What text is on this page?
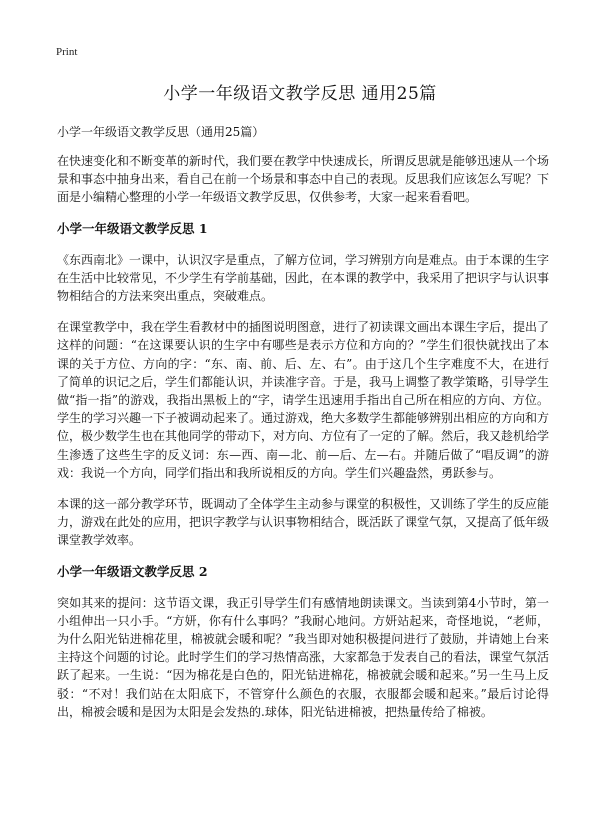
Print
小学一年级语文教学反思 通用25篇

小学一年级语文教学反思（通用25篇）

在快速变化和不断变革的新时代，我们要在教学中快速成长，所谓反思就是能够迅速从一个场景和事态中抽身出来，看自己在前一个场景和事态中自己的表现。反思我们应该怎么写呢？下面是小编精心整理的小学一年级语文教学反思，仅供参考，大家一起来看看吧。

小学一年级语文教学反思 1

《东西南北》一课中，认识汉字是重点，了解方位词，学习辨别方向是难点。由于本课的生字在生活中比较常见，不少学生有学前基础，因此，在本课的教学中，我采用了把识字与认识事物相结合的方法来突出重点，突破难点。

在课堂教学中，我在学生看教材中的插图说明图意，进行了初读课文画出本课生字后，提出了这样的问题：“在这课要认识的生字中有哪些是表示方位和方向的？”学生们很快就找出了本课的关于方位、方向的字：“东、南、前、后、左、右”。由于这几个生字难度不大，在进行了简单的识记之后，学生们都能认识，并读准字音。于是，我马上调整了教学策略，引导学生做“指一指”的游戏，我指出黑板上的“字，请学生迅速用手指出自己所在相应的方向、方位。学生的学习兴趣一下子被调动起来了。通过游戏，绝大多数学生都能够辨别出相应的方向和方位，极少数学生也在其他同学的带动下，对方向、方位有了一定的了解。然后，我又趁机给学生渗透了这些生字的反义词：东—西、南—北、前—后、左—右。并随后做了“唱反调”的游戏：我说一个方向，同学们指出和我所说相反的方向。学生们兴趣盎然，勇跃参与。

本课的这一部分教学环节，既调动了全体学生主动参与课堂的积极性，又训练了学生的反应能力，游戏在此处的应用，把识字教学与认识事物相结合，既活跃了课堂气氛，又提高了低年级课堂教学效率。

小学一年级语文教学反思 2

突如其来的提问：这节语文课，我正引导学生们有感情地朗读课文。当读到第4小节时，第一小组伸出一只小手。“方妍，你有什么事吗？”我耐心地问。方妍站起来，奇怪地说，“老师，为什么阳光钻进棉花里，棉被就会暖和呢？”我当即对她积极提问进行了鼓励，并请她上台来主持这个问题的讨论。此时学生们的学习热情高涨，大家都急于发表自己的看法，课堂气氛活跃了起来。一生说：“因为棉花是白色的，阳光钻进棉花，棉被就会暖和起来。”另一生马上反驳：“不对！我们站在太阳底下，不管穿什么颜色的衣服，衣服都会暖和起来。”最后讨论得出，棉被会暖和是因为太阳是会发热的.球体，阳光钻进棉被，把热量传给了棉被。
